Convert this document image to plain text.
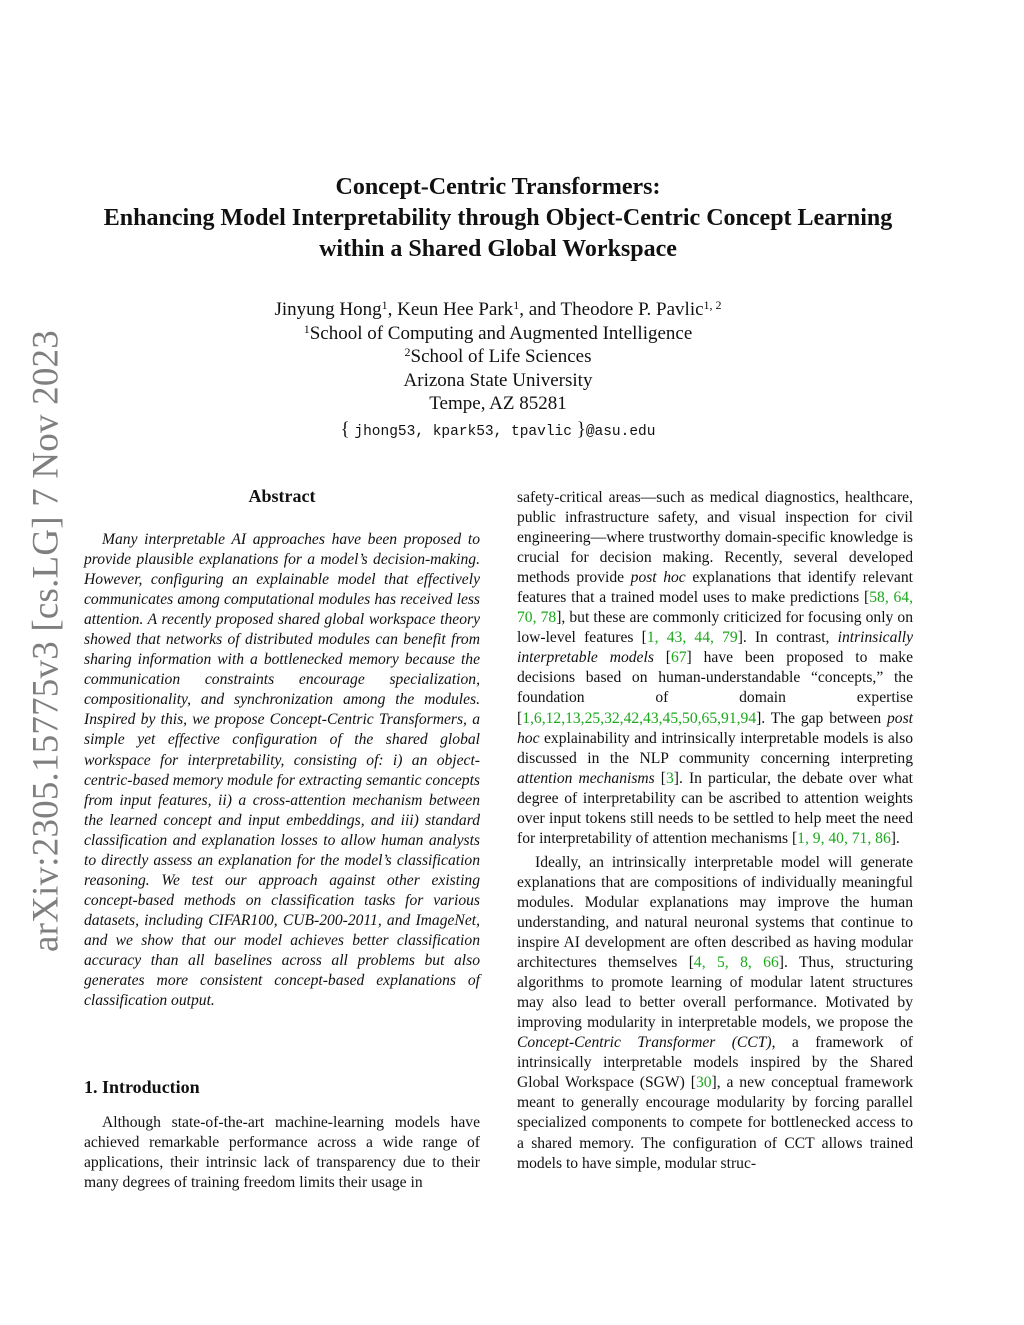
arXiv:2305.15775v3 [cs.LG] 7 Nov 2023
Concept-Centric Transformers:
Enhancing Model Interpretability through Object-Centric Concept Learning
within a Shared Global Workspace
Jinyung Hong$^1$, Keun Hee Park$^1$, and Theodore P. Pavlic$^{1, 2}$
$^1$School of Computing and Augmented Intelligence
$^2$School of Life Sciences
Arizona State University
Tempe, AZ 85281
{ jhong53, kpark53, tpavlic }@asu.edu
Abstract

Many interpretable AI approaches have been proposed to provide plausible explanations for a model’s decision-making. However, configuring an explainable model that effectively communicates among computational modules has received less attention. A recently proposed shared global workspace theory showed that networks of distributed modules can benefit from sharing information with a bottlenecked memory because the communication constraints encourage specialization, compositionality, and synchronization among the modules. Inspired by this, we propose Concept-Centric Transformers, a simple yet effective configuration of the shared global workspace for interpretability, consisting of: i) an object-centric-based memory module for extracting semantic concepts from input features, ii) a cross-attention mechanism between the learned concept and input embeddings, and iii) standard classification and explanation losses to allow human analysts to directly assess an explanation for the model’s classification reasoning. We test our approach against other existing concept-based methods on classification tasks for various datasets, including CIFAR100, CUB-200-2011, and ImageNet, and we show that our model achieves better classification accuracy than all baselines across all problems but also generates more consistent concept-based explanations of classification output.

1. Introduction

Although state-of-the-art machine-learning models have achieved remarkable performance across a wide range of applications, their intrinsic lack of transparency due to their many degrees of training freedom limits their usage in

safety-critical areas—such as medical diagnostics, healthcare, public infrastructure safety, and visual inspection for civil engineering—where trustworthy domain-specific knowledge is crucial for decision making. Recently, several developed methods provide post hoc explanations that identify relevant features that a trained model uses to make predictions [58, 64, 70, 78], but these are commonly criticized for focusing only on low-level features [1, 43, 44, 79]. In contrast, intrinsically interpretable models [67] have been proposed to make decisions based on human-understandable “concepts,” the foundation of domain expertise [1,6,12,13,25,32,42,43,45,50,65,91,94]. The gap between post hoc explainability and intrinsically interpretable models is also discussed in the NLP community concerning interpreting attention mechanisms [3]. In particular, the debate over what degree of interpretability can be ascribed to attention weights over input tokens still needs to be settled to help meet the need for interpretability of attention mechanisms [1, 9, 40, 71, 86].

Ideally, an intrinsically interpretable model will generate explanations that are compositions of individually meaningful modules. Modular explanations may improve the human understanding, and natural neuronal systems that continue to inspire AI development are often described as having modular architectures themselves [4, 5, 8, 66]. Thus, structuring algorithms to promote learning of modular latent structures may also lead to better overall performance. Motivated by improving modularity in interpretable models, we propose the Concept-Centric Transformer (CCT), a framework of intrinsically interpretable models inspired by the Shared Global Workspace (SGW) [30], a new conceptual framework meant to generally encourage modularity by forcing parallel specialized components to compete for bottlenecked access to a shared memory. The configuration of CCT allows trained models to have simple, modular struc-
